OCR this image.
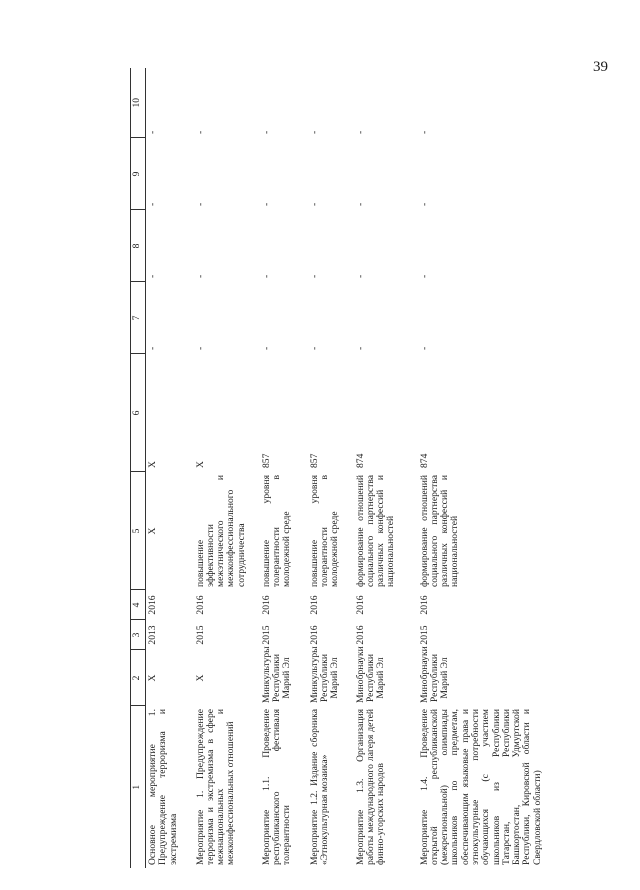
39
1	2	3	4	5	6	7	8	9	10
Основное мероприятие 1. Предупреждение терроризма и экстремизма	X	2013	2016	X	X	-	-	-	-
Мероприятие 1. Предупреждение терроризма и экстремизма в сфере межнациональных и межконфессиональных отношений	X	2015	2016	повышение эффективности межэтнического и межконфессионального сотрудничества	X	-	-	-	-
Мероприятие 1.1. Проведение республиканского фестиваля толерантности	Минкультуры Республики Марий Эл	2015	2016	повышение уровня толерантности в молодежной среде	857	-	-	-	-
Мероприятие 1.2. Издание сборника «Этнокультурная мозаика»	Минкультуры Республики Марий Эл	2016	2016	повышение уровня толерантности в молодежной среде	857	-	-	-	-
Мероприятие 1.3. Организация работы международного лагеря детей финно-угорских народов	Минобрнауки Республики Марий Эл	2016	2016	формирование отношений социального партнерства различных конфессий и национальностей	874	-	-	-	-
Мероприятие 1.4. Проведение открытой республиканской (межрегиональной) олимпиады школьников по предметам, обеспечивающим языковые права и этнокультурные потребности обучающихся (с участием школьников из Республики Татарстан, Республики Башкортостан, Удмуртской Республики, Кировской области и Свердловской области)	Минобрнауки Республики Марий Эл	2015	2016	формирование отношений социального партнерства различных конфессий и национальностей	874	-	-	-	-
